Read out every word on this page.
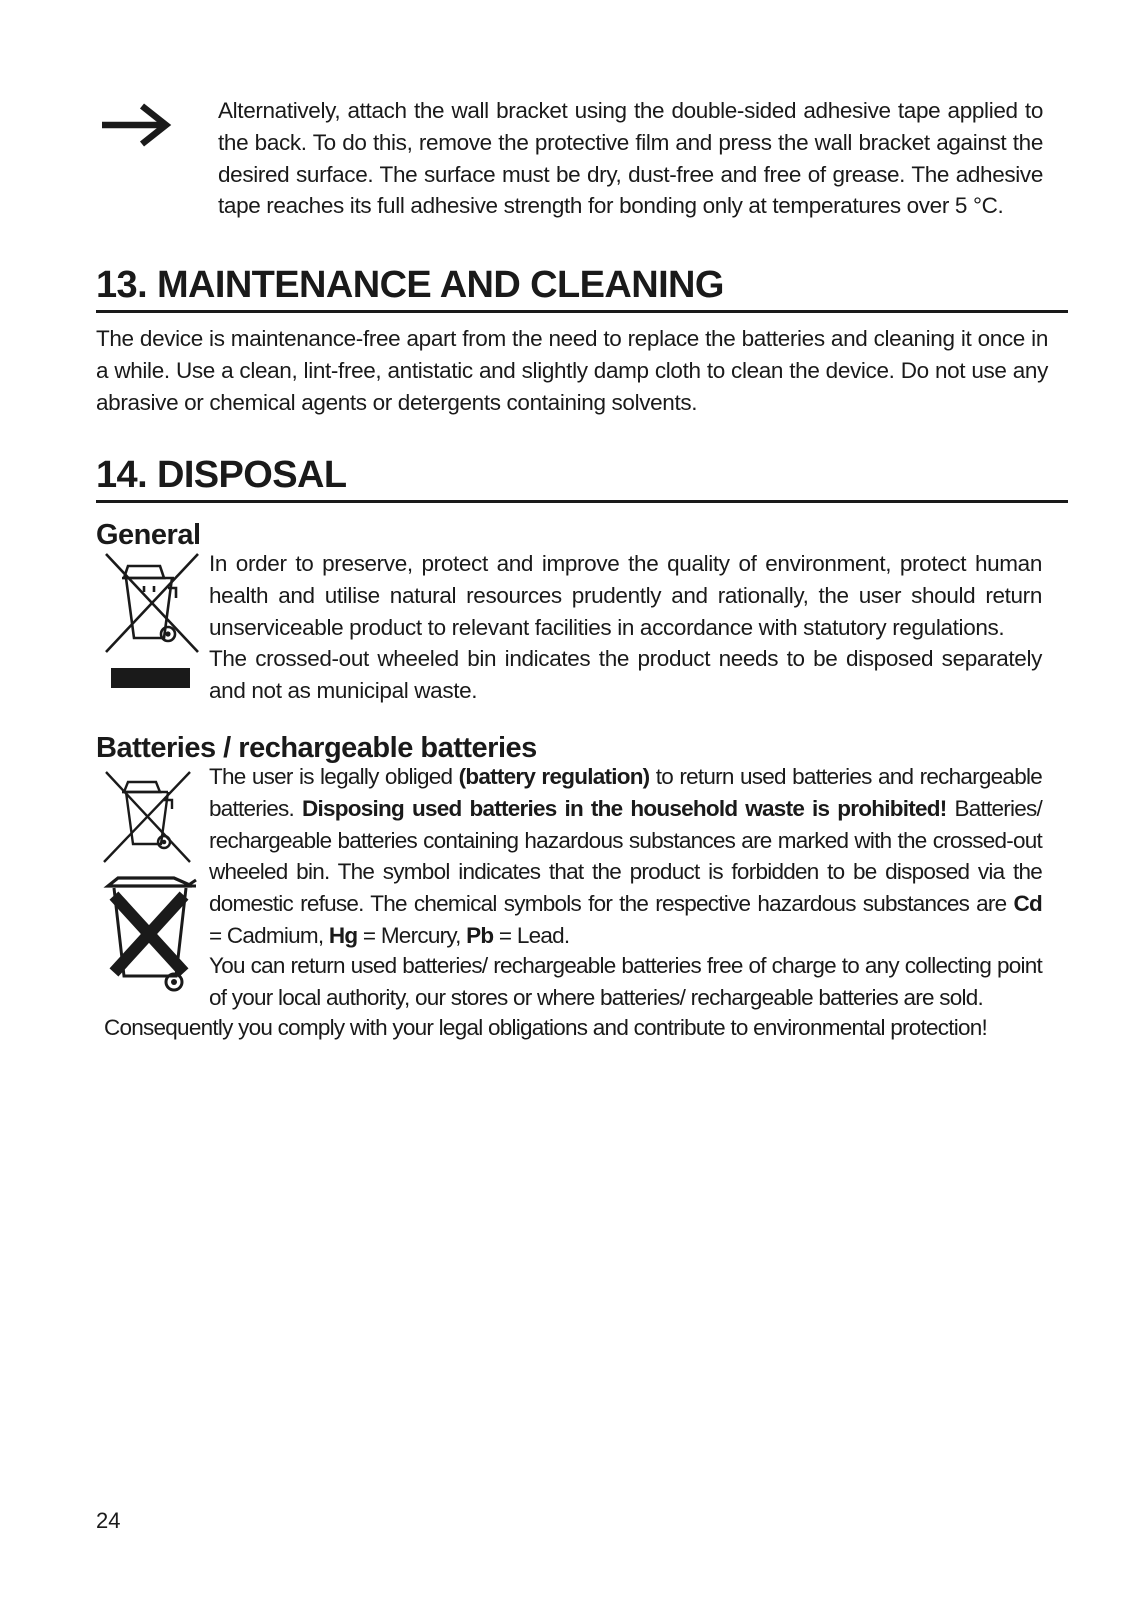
Alternatively, attach the wall bracket using the double-sided adhesive tape applied to the back. To do this, remove the protective film and press the wall bracket against the desired surface. The surface must be dry, dust-free and free of grease. The adhesive tape reaches its full adhesive strength for bonding only at temperatures over 5 °C.

13. MAINTENANCE AND CLEANING

The device is maintenance-free apart from the need to replace the batteries and cleaning it once in a while. Use a clean, lint-free, antistatic and slightly damp cloth to clean the device. Do not use any abrasive or chemical agents or detergents containing solvents.

14. DISPOSAL
General

In order to preserve, protect and improve the quality of environment, protect human health and utilise natural resources prudently and rationally, the user should return unserviceable product to relevant facilities in accordance with statutory regulations.

The crossed-out wheeled bin indicates the product needs to be disposed separately and not as municipal waste.

Batteries / rechargeable batteries

The user is legally obliged (battery regulation) to return used batteries and rechargeable batteries. Disposing used batteries in the household waste is prohibited! Batteries/ rechargeable batteries containing hazardous substances are marked with the crossed-out wheeled bin. The symbol indicates that the product is forbidden to be disposed via the domestic refuse. The chemical symbols for the respective hazardous substances are Cd = Cadmium, Hg = Mercury, Pb = Lead.

You can return used batteries/ rechargeable batteries free of charge to any collecting point of your local authority, our stores or where batteries/ rechargeable batteries are sold.

Consequently you comply with your legal obligations and contribute to environmental protection!

24
